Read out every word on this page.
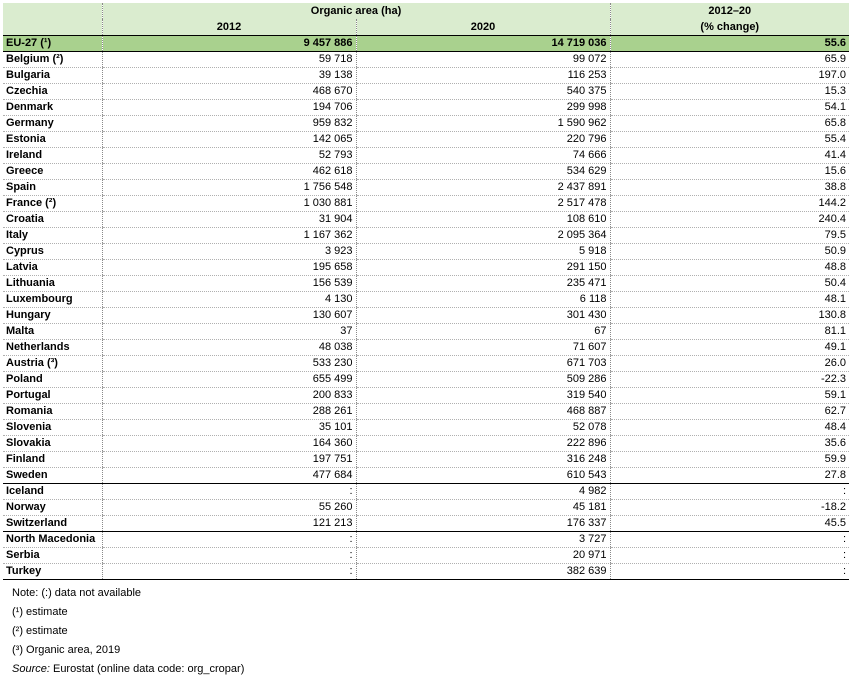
	Organic area (ha)		2012–20
	2012	2020	(% change)
EU-27 (¹)	9 457 886	14 719 036	55.6
Belgium (²)	59 718	99 072	65.9
Bulgaria	39 138	116 253	197.0
Czechia	468 670	540 375	15.3
Denmark	194 706	299 998	54.1
Germany	959 832	1 590 962	65.8
Estonia	142 065	220 796	55.4
Ireland	52 793	74 666	41.4
Greece	462 618	534 629	15.6
Spain	1 756 548	2 437 891	38.8
France (²)	1 030 881	2 517 478	144.2
Croatia	31 904	108 610	240.4
Italy	1 167 362	2 095 364	79.5
Cyprus	3 923	5 918	50.9
Latvia	195 658	291 150	48.8
Lithuania	156 539	235 471	50.4
Luxembourg	4 130	6 118	48.1
Hungary	130 607	301 430	130.8
Malta	37	67	81.1
Netherlands	48 038	71 607	49.1
Austria (³)	533 230	671 703	26.0
Poland	655 499	509 286	-22.3
Portugal	200 833	319 540	59.1
Romania	288 261	468 887	62.7
Slovenia	35 101	52 078	48.4
Slovakia	164 360	222 896	35.6
Finland	197 751	316 248	59.9
Sweden	477 684	610 543	27.8
Iceland	:	4 982	:
Norway	55 260	45 181	-18.2
Switzerland	121 213	176 337	45.5
North Macedonia	:	3 727	:
Serbia	:	20 971	:
Turkey	:	382 639	:
Note: (:) data not available
(¹) estimate
(²) estimate
(³) Organic area, 2019
Source: Eurostat (online data code: org_cropar)
